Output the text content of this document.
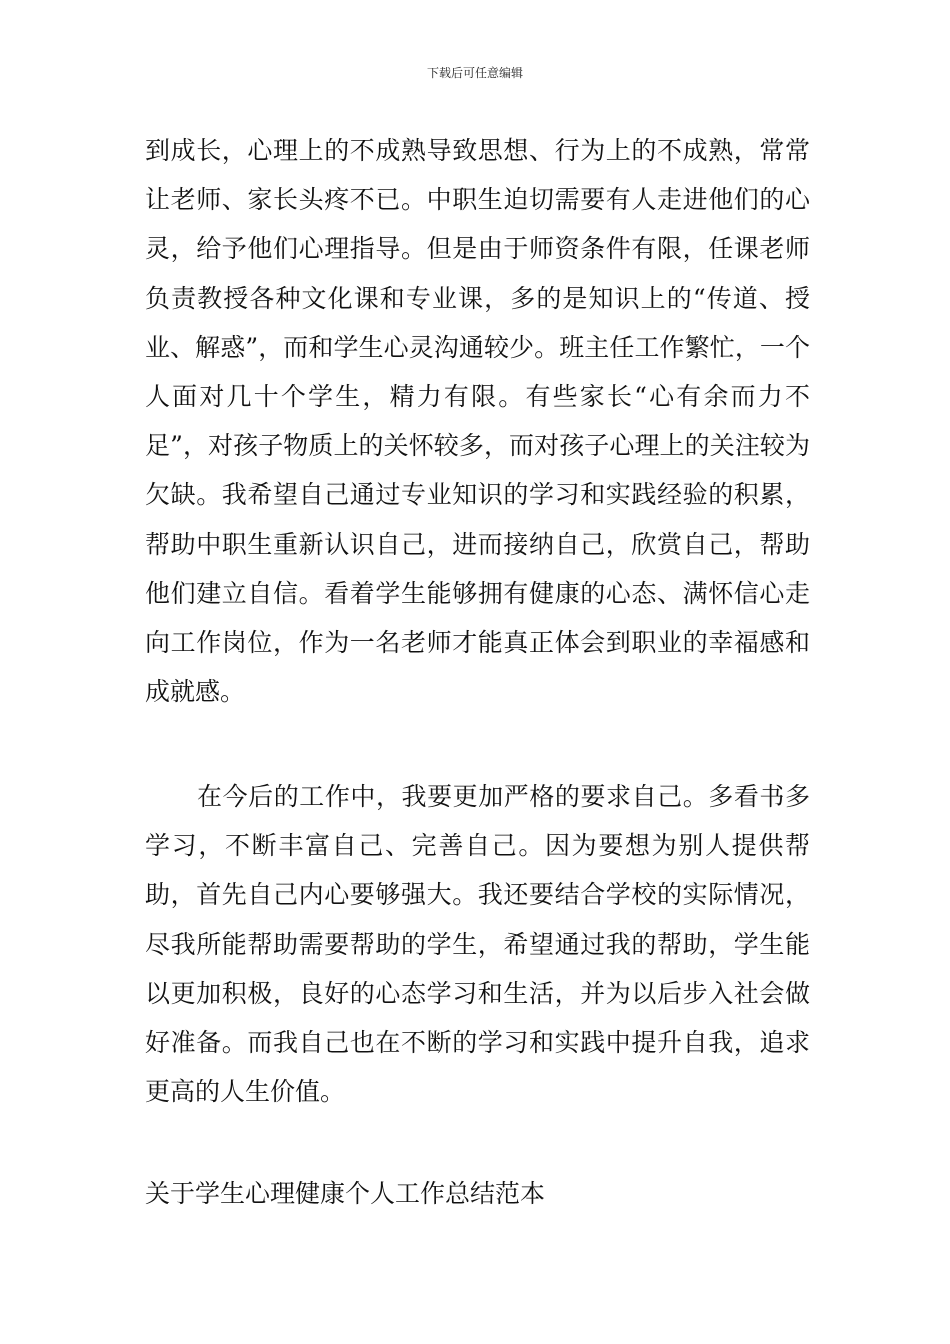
下载后可任意编辑

到成长，心理上的不成熟导致思想、行为上的不成熟，常常让老师、家长头疼不已。中职生迫切需要有人走进他们的心灵，给予他们心理指导。但是由于师资条件有限，任课老师负责教授各种文化课和专业课，多的是知识上的“传道、授业、解惑”，而和学生心灵沟通较少。班主任工作繁忙，一个人面对几十个学生，精力有限。有些家长“心有余而力不足”，对孩子物质上的关怀较多，而对孩子心理上的关注较为欠缺。我希望自己通过专业知识的学习和实践经验的积累，帮助中职生重新认识自己，进而接纳自己，欣赏自己，帮助他们建立自信。看着学生能够拥有健康的心态、满怀信心走向工作岗位，作为一名老师才能真正体会到职业的幸福感和成就感。

在今后的工作中，我要更加严格的要求自己。多看书多学习，不断丰富自己、完善自己。因为要想为别人提供帮助，首先自己内心要够强大。我还要结合学校的实际情况，尽我所能帮助需要帮助的学生，希望通过我的帮助，学生能以更加积极，良好的心态学习和生活，并为以后步入社会做好准备。而我自己也在不断的学习和实践中提升自我，追求更高的人生价值。

关于学生心理健康个人工作总结范本
